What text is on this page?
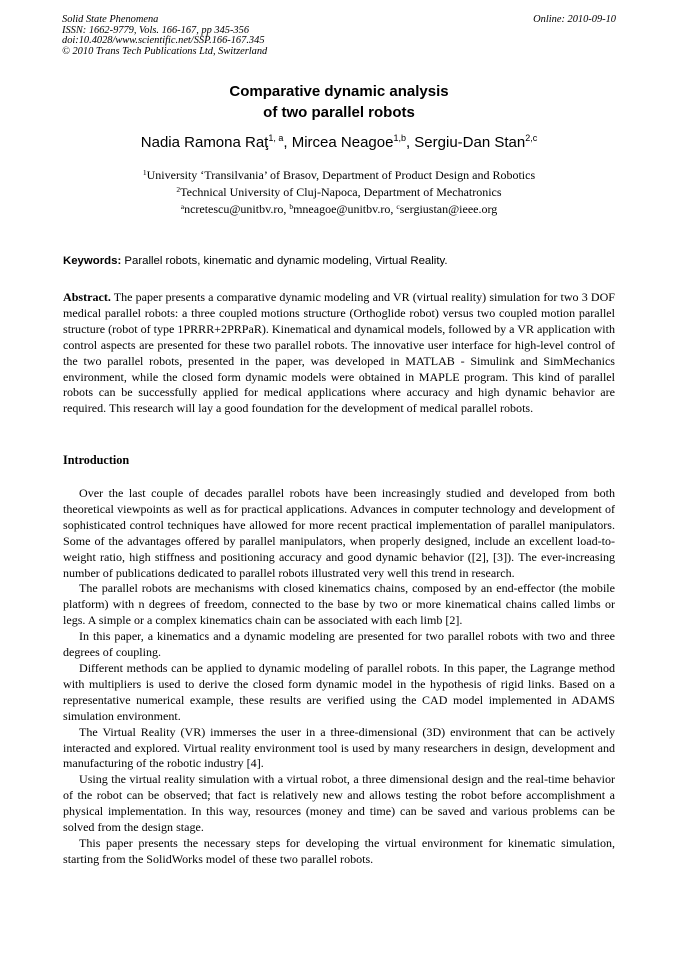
Solid State Phenomena
ISSN: 1662-9779, Vols. 166-167, pp 345-356
doi:10.4028/www.scientific.net/SSP.166-167.345
© 2010 Trans Tech Publications Ltd, Switzerland
Online: 2010-09-10
Comparative dynamic analysis
of two parallel robots
Nadia Ramona Raţ$^{1, a}$, Mircea Neagoe$^{1,b}$, Sergiu-Dan Stan$^{2,c}$
$^1$University ‘Transilvania’ of Brasov, Department of Product Design and Robotics
$^2$Technical University of Cluj-Napoca, Department of Mechatronics
$^a$ncretescu@unitbv.ro, $^b$mneagoe@unitbv.ro, $^c$sergiustan@ieee.org
Keywords: Parallel robots, kinematic and dynamic modeling, Virtual Reality.
Abstract. The paper presents a comparative dynamic modeling and VR (virtual reality) simulation for two 3 DOF medical parallel robots: a three coupled motions structure (Orthoglide robot) versus two coupled motion parallel structure (robot of type 1PRRR+2PRPaR). Kinematical and dynamical models, followed by a VR application with control aspects are presented for these two parallel robots. The innovative user interface for high-level control of the two parallel robots, presented in the paper, was developed in MATLAB - Simulink and SimMechanics environment, while the closed form dynamic models were obtained in MAPLE program. This kind of parallel robots can be successfully applied for medical applications where accuracy and high dynamic behavior are required. This research will lay a good foundation for the development of medical parallel robots.
Introduction

Over the last couple of decades parallel robots have been increasingly studied and developed from both theoretical viewpoints as well as for practical applications. Advances in computer technology and development of sophisticated control techniques have allowed for more recent practical implementation of parallel manipulators. Some of the advantages offered by parallel manipulators, when properly designed, include an excellent load-to-weight ratio, high stiffness and positioning accuracy and good dynamic behavior ([2], [3]). The ever-increasing number of publications dedicated to parallel robots illustrated very well this trend in research.

The parallel robots are mechanisms with closed kinematics chains, composed by an end-effector (the mobile platform) with n degrees of freedom, connected to the base by two or more kinematical chains called limbs or legs. A simple or a complex kinematics chain can be associated with each limb [2].

In this paper, a kinematics and a dynamic modeling are presented for two parallel robots with two and three degrees of coupling.

Different methods can be applied to dynamic modeling of parallel robots. In this paper, the Lagrange method with multipliers is used to derive the closed form dynamic model in the hypothesis of rigid links. Based on a representative numerical example, these results are verified using the CAD model implemented in ADAMS simulation environment.

The Virtual Reality (VR) immerses the user in a three-dimensional (3D) environment that can be actively interacted and explored. Virtual reality environment tool is used by many researchers in design, development and manufacturing of the robotic industry [4].

Using the virtual reality simulation with a virtual robot, a three dimensional design and the real-time behavior of the robot can be observed; that fact is relatively new and allows testing the robot before accomplishment a physical implementation. In this way, resources (money and time) can be saved and various problems can be solved from the design stage.

This paper presents the necessary steps for developing the virtual environment for kinematic simulation, starting from the SolidWorks model of these two parallel robots.
